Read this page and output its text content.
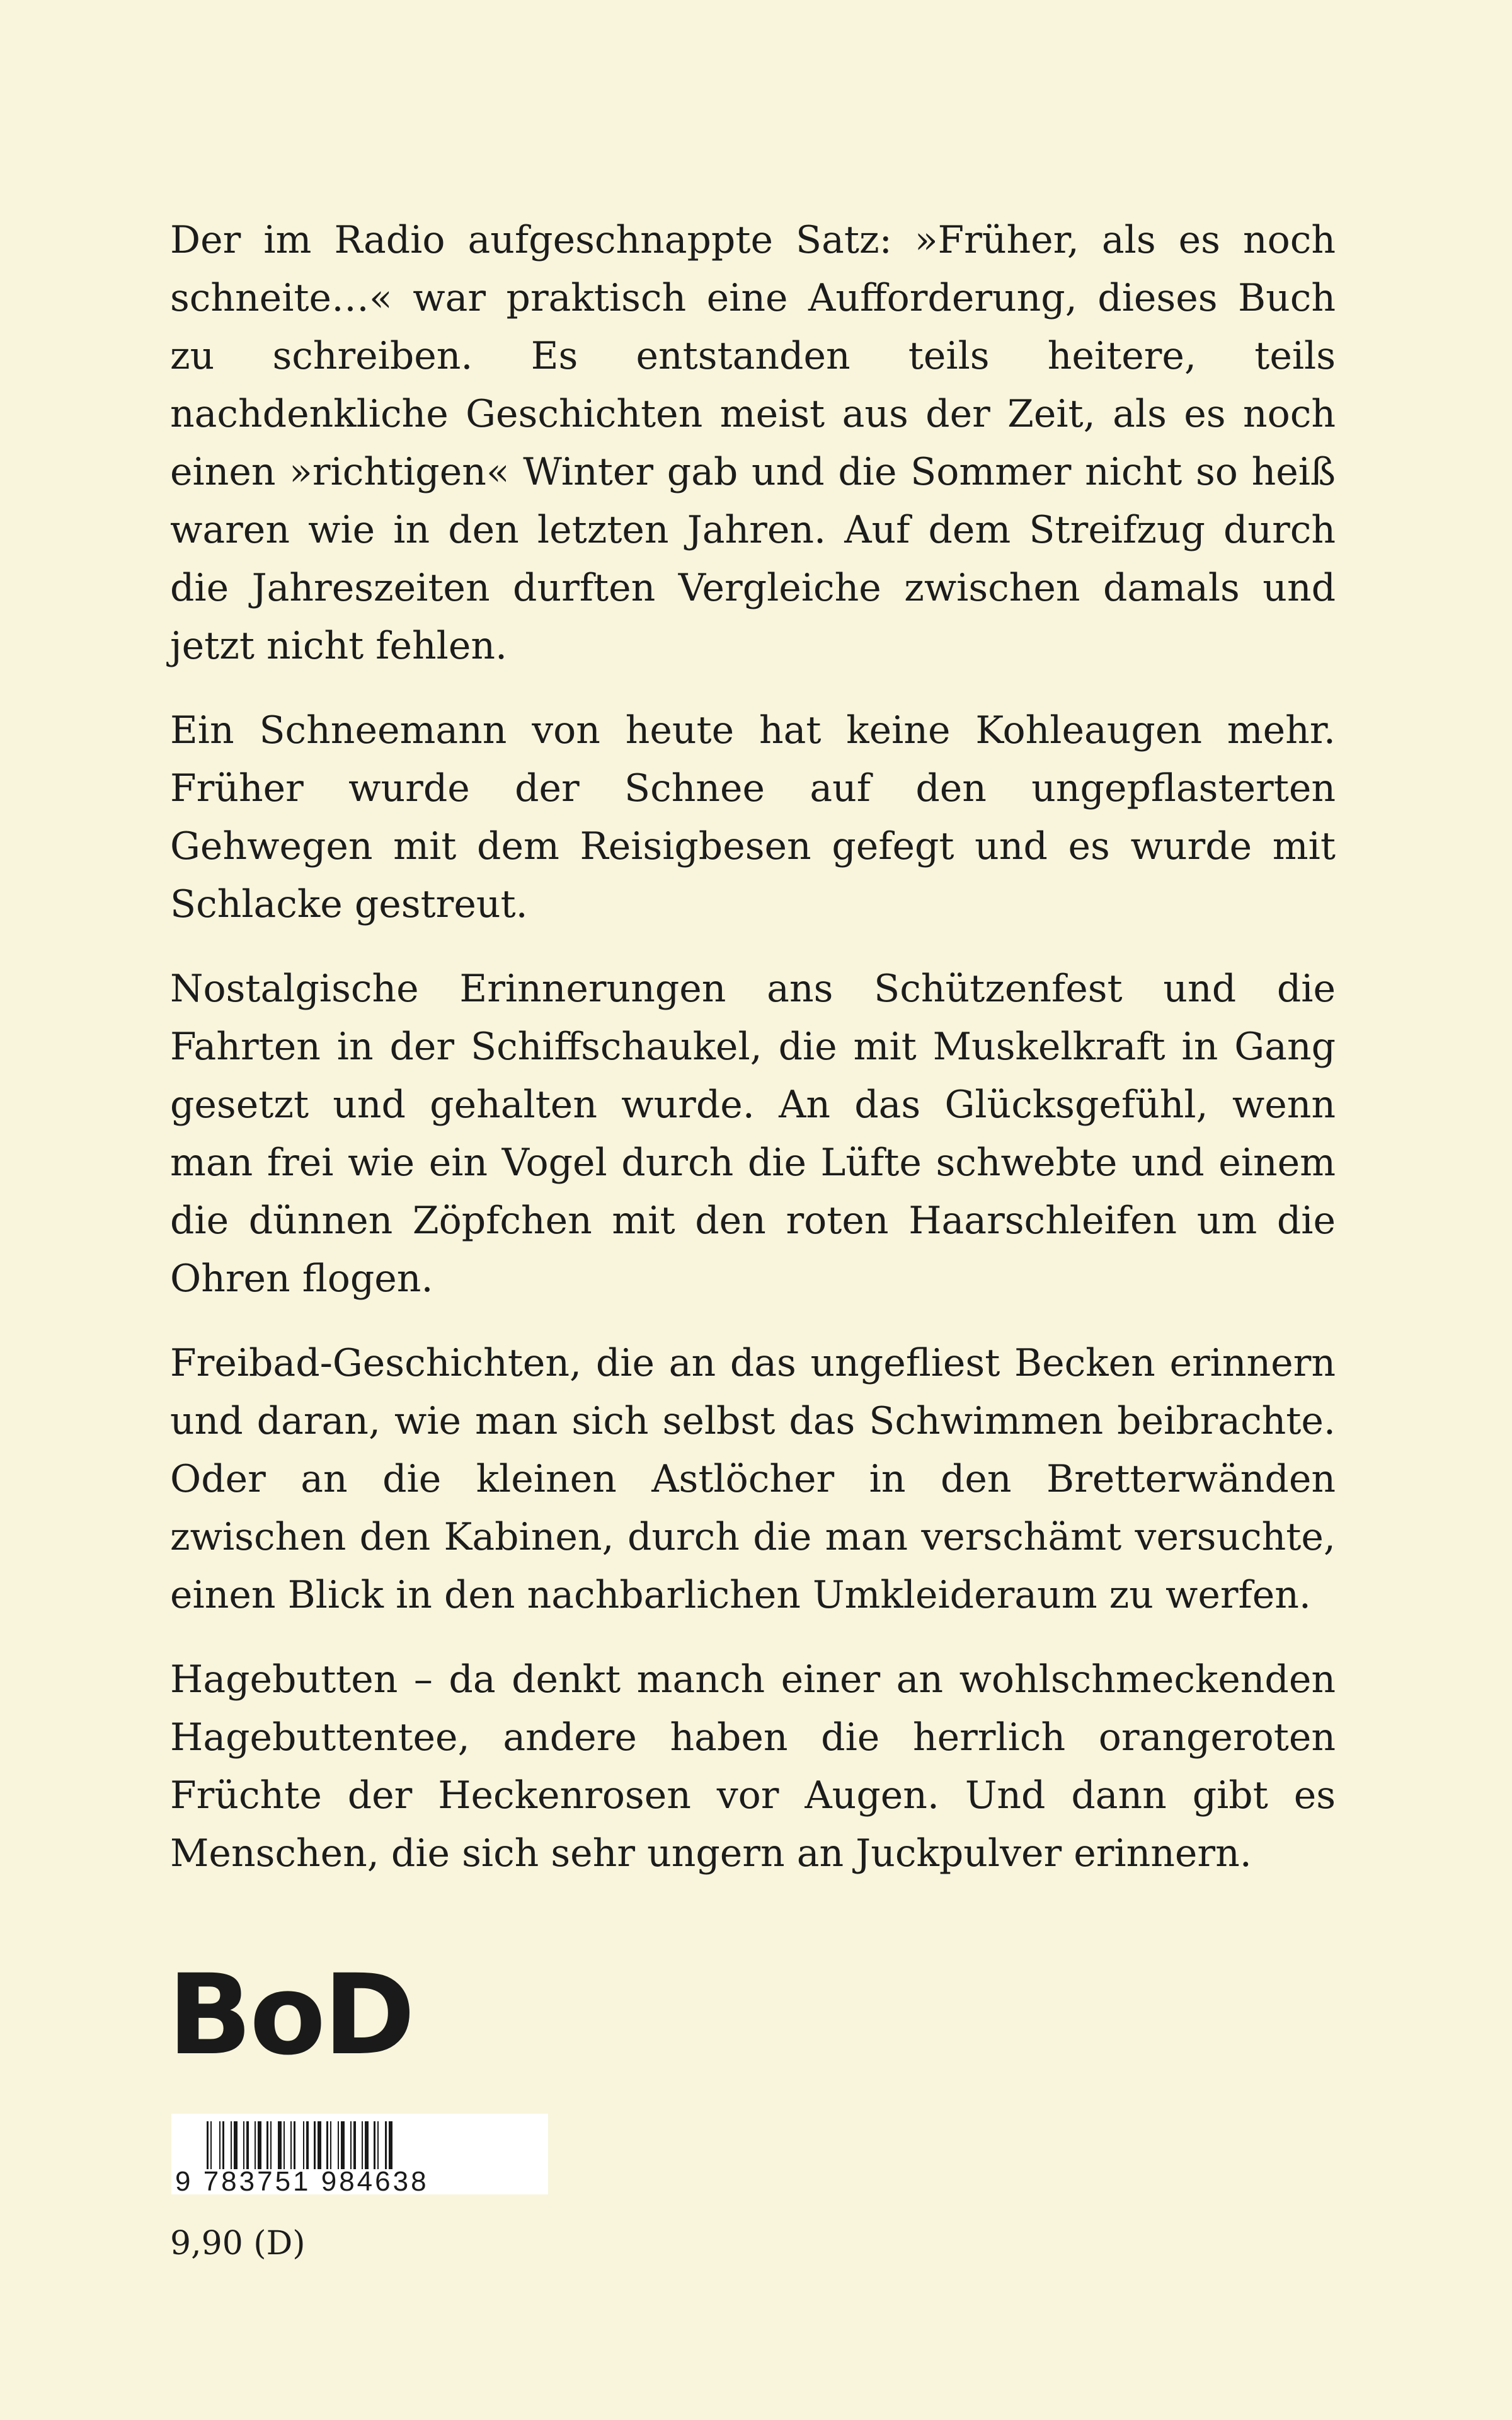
Der im Radio aufgeschnappte Satz: »Früher, als es noch schneite…« war praktisch eine Aufforderung, dieses Buch zu schreiben. Es entstanden teils heitere, teils nachdenkliche Geschichten meist aus der Zeit, als es noch einen »richtigen« Winter gab und die Sommer nicht so heiß waren wie in den letzten Jahren. Auf dem Streifzug durch die Jahreszeiten durften Vergleiche zwischen damals und jetzt nicht fehlen.

Ein Schneemann von heute hat keine Kohleaugen mehr. Früher wurde der Schnee auf den ungepflasterten Gehwegen mit dem Reisigbesen gefegt und es wurde mit Schlacke gestreut.

Nostalgische Erinnerungen ans Schützenfest und die Fahrten in der Schiffschaukel, die mit Muskelkraft in Gang gesetzt und gehalten wurde. An das Glücksgefühl, wenn man frei wie ein Vogel durch die Lüfte schwebte und einem die dünnen Zöpfchen mit den roten Haarschleifen um die Ohren flogen.

Freibad-Geschichten, die an das ungefliest Becken erinnern und daran, wie man sich selbst das Schwimmen beibrachte. Oder an die kleinen Astlöcher in den Bretterwänden zwischen den Kabinen, durch die man verschämt versuchte, einen Blick in den nachbarlichen Umkleideraum zu werfen.

Hagebutten – da denkt manch einer an wohlschmeckenden Hagebuttentee, andere haben die herrlich orangeroten Früchte der Heckenrosen vor Augen. Und dann gibt es Menschen, die sich sehr ungern an Juckpulver erinnern.

BoD
9 783751 984638
9,90 (D)
